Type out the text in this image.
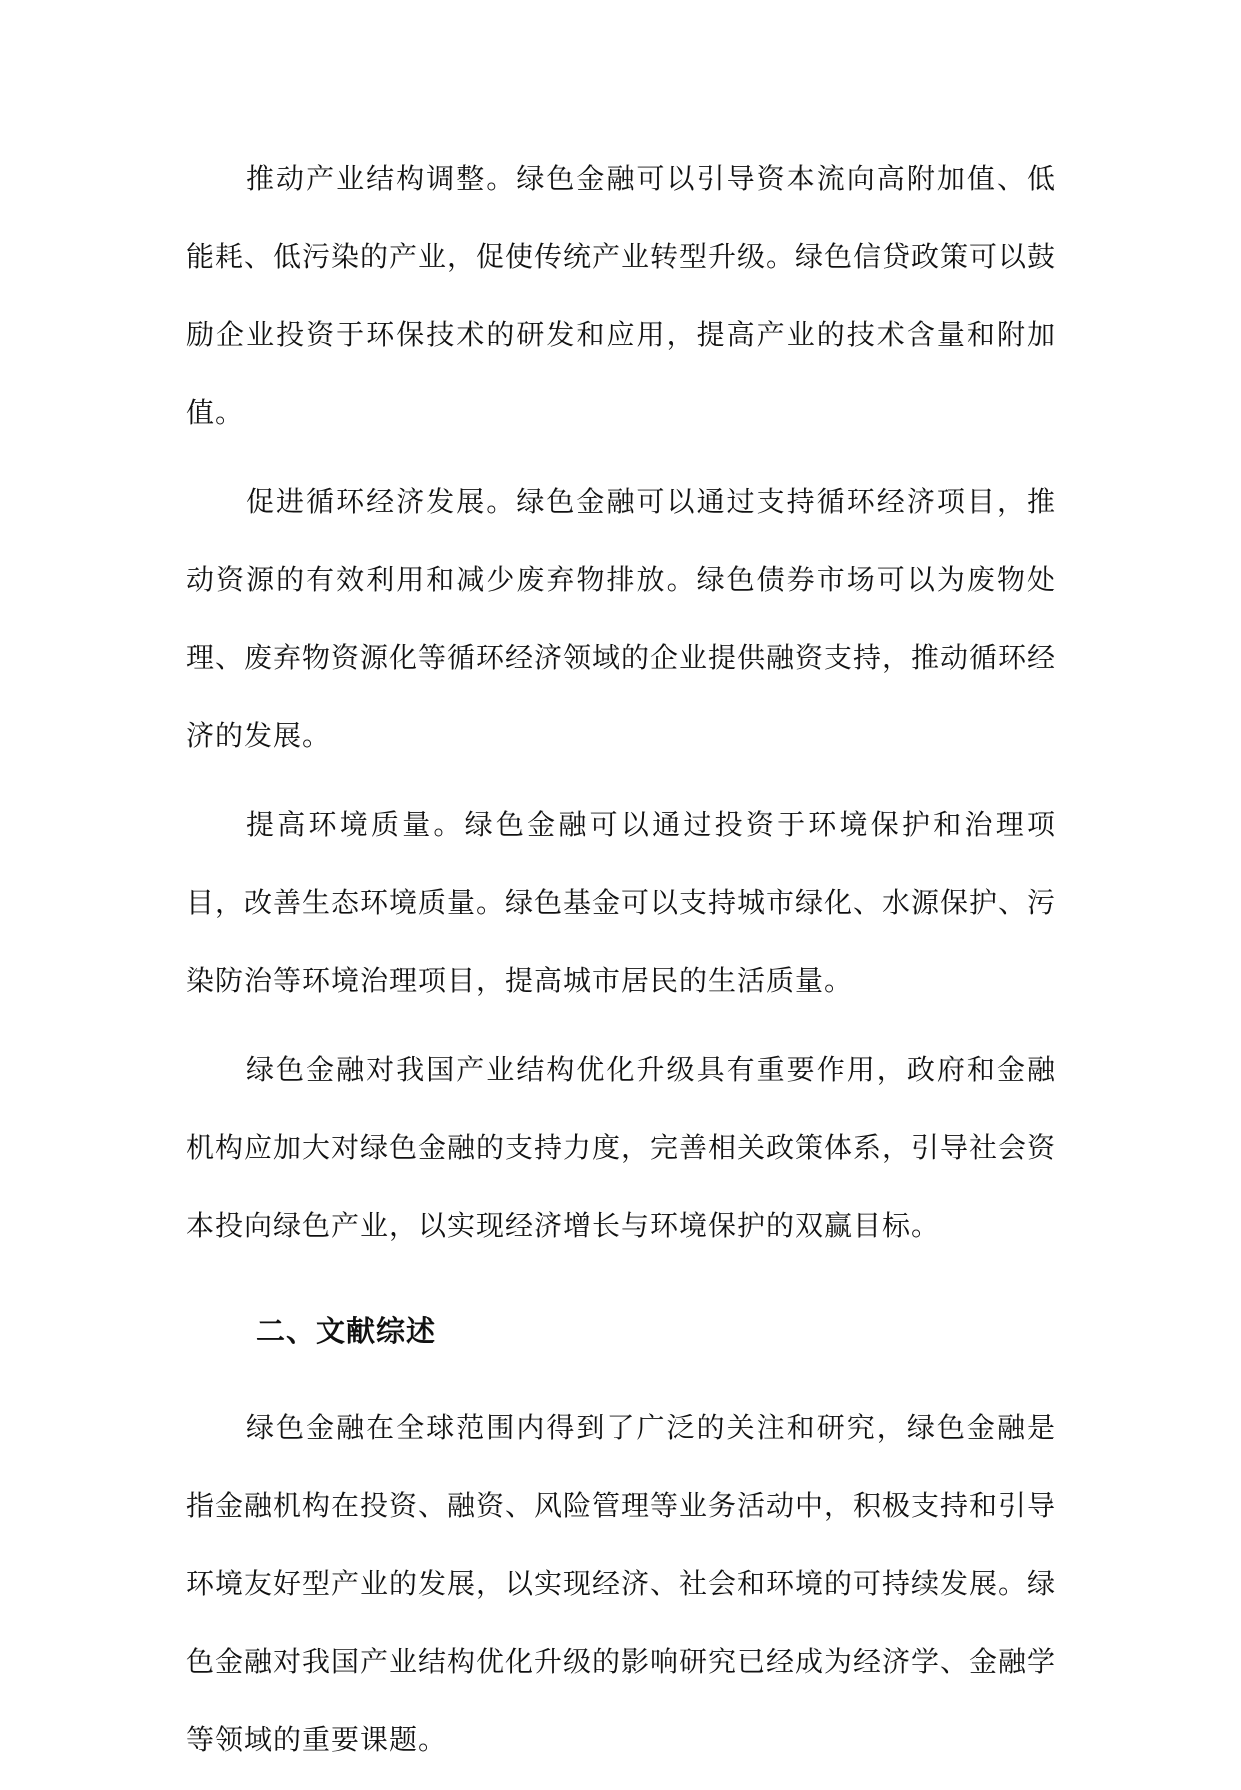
推动产业结构调整。绿色金融可以引导资本流向高附加值、低能耗、低污染的产业，促使传统产业转型升级。绿色信贷政策可以鼓励企业投资于环保技术的研发和应用，提高产业的技术含量和附加值。

促进循环经济发展。绿色金融可以通过支持循环经济项目，推动资源的有效利用和减少废弃物排放。绿色债券市场可以为废物处理、废弃物资源化等循环经济领域的企业提供融资支持，推动循环经济的发展。

提高环境质量。绿色金融可以通过投资于环境保护和治理项目，改善生态环境质量。绿色基金可以支持城市绿化、水源保护、污染防治等环境治理项目，提高城市居民的生活质量。

绿色金融对我国产业结构优化升级具有重要作用，政府和金融机构应加大对绿色金融的支持力度，完善相关政策体系，引导社会资本投向绿色产业，以实现经济增长与环境保护的双赢目标。

二、文献综述

绿色金融在全球范围内得到了广泛的关注和研究，绿色金融是指金融机构在投资、融资、风险管理等业务活动中，积极支持和引导环境友好型产业的发展，以实现经济、社会和环境的可持续发展。绿色金融对我国产业结构优化升级的影响研究已经成为经济学、金融学等领域的重要课题。
